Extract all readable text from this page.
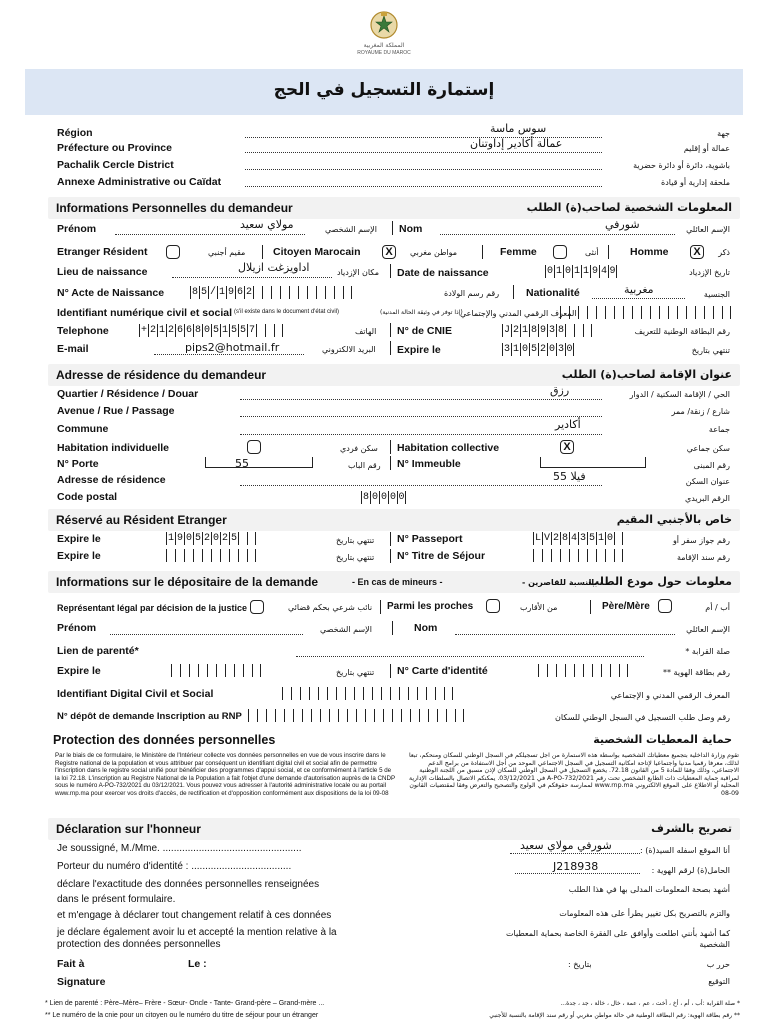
المملكة المغربية
ROYAUME DU MAROC
إستمارة التسجيل في الحج
Région	سوس ماسة	جهة
Préfecture ou Province	عمالة أكادير إداوتنان	عمالة أو إقليم
Pachalik Cercle District	باشوية، دائرة أو دائرة حضرية
Annexe Administrative ou Caïdat	ملحقة إدارية أو قيادة
Informations Personnelles du demandeur	المعلومات الشخصية لصاحب(ة) الطلب
Prénom	مولاي سعيد	الإسم الشخصي Nom	شورفي	الإسم العائلي
Etranger Résident	مقيم أجنبي	Citoyen Marocain	X	مواطن مغربي	Femme	أنثى	Homme	X	ذكر
Lieu de naissance	اداويزغت ازيلال	مكان الإزدياد Date de naissance	0 1 0 1 1 9 4 9	تاريخ الإزدياد
N° Acte de Naissance	8 5 / 1 9 6 2	رقم رسم الولادة	Nationalité	مغربية	الجنسية
Identifiant numérique civil et social (s'il existe dans le document d'état civil)	(إذا توفر في وثيقة الحالة المدنية)
المعرف الرقمي المدني والإجتماعي
Telephone	+ 2 1 2 6 6 8 0 5 1 5 5 7	الهاتف N° de CNIE	J 2 1 8 9 3 8	رقم البطاقة الوطنية للتعريف
E-mail	pips2@hotmail.fr	البريد الالكتروني Expire le	3 1 0 5 2 0 3 0	تنتهي بتاريخ
Adresse de résidence du demandeur	عنوان الإقامة لصاحب(ة) الطلب
Quartier / Résidence / Douar	رزق	الحي / الإقامة السكنية / الدوار
Avenue / Rue / Passage	شارع / زنقة/ ممر
Commune	أكادير	جماعة
Habitation individuelle	سكن فردي Habitation collective	X	سكن جماعي
N° Porte	55	رقم الباب N° Immeuble	رقم المبنى
Adresse de résidence	فيلا 55	عنوان السكن
Code postal	8 0 0 0 0	الرقم البريدي
Réservé au Résident Etranger	خاص بالأجنبي المقيم
Expire le	1 9 0 5 2 0 2 5	تنتهي بتاريخ N° Passeport	L V 2 8 4 3 5 1 0	رقم جواز سفر أو
Expire le	تنتهي بتاريخ N° Titre de Séjour	رقم سند الإقامة
Informations sur le dépositaire de la demande	- En cas de mineurs -	- بالنسبة للقاصرين -
معلومات حول مودع الطلب
Représentant légal par décision de la justice	نائب شرعي بحكم قضائي Parmi les proches	من الأقارب	Père/Mère	أب / أم
Prénom	الإسم الشخصي	Nom	الإسم العائلي
Lien de parenté*	صلة القرابة *
Expire le	تنتهي بتاريخ N° Carte d'identité	رقم بطاقة الهوية **
Identifiant Digital Civil et Social	المعرف الرقمي المدني و الإجتماعي
N° dépôt de demande Inscription au RNP	رقم وصل طلب التسجيل في السجل الوطني للسكان
Protection des données personnelles	حماية المعطيات الشخصية
Par le biais de ce formulaire, le Ministère de l'Intérieur collecte vos données personnelles en vue de vous inscrire dans le Registre national de la population et vous attribuer par conséquent un identifiant digital civil et social afin de permettre l'inscription dans le registre social unifié pour bénéficier des programmes d'appui social, et ce conformément à l'article 5 de la loi 72.18. L'inscription au Registre National de la Population a fait l'objet d'une demande d'autorisation auprès de la CNDP sous le numéro A-PO-732/2021 du 03/12/2021. Vous pouvez vous adresser à l'autorité administrative locale ou au portail www.rnp.ma pour exercer vos droits d'accès, de rectification et d'opposition conformément aux dispositions de la loi 09-08
تقوم وزارة الداخلية بتجميع معطياتك الشخصية بواسطة هذه الاستمارة من اجل تسجيلكم في السجل الوطني للسكان ومنحكم، تبعا لذلك، معرفا رقميا مدنيا واجتماعيا لإتاحة امكانية التسجيل في السجل الاجتماعي الموحد من أجل الاستفادة من برامج الدعم الاجتماعي، وذلك وفقا للمادة 5 من القانون 72.18. يخضع التسجيل في السجل الوطني للسكان لإذن مسبق من اللجنة الوطنية لمراقبة حماية المعطيات ذات الطابع الشخصي تحت رقم A-PO-732/2021 في 03/12/2021. يمكنكم الاتصال بالسلطات الإدارية المحلية أو الاطلاع على الموقع الالكتروني www.rnp.ma لممارسة حقوقكم في الولوج والتصحيح والتعرض وفقا لمقتضيات القانون 09-08
Déclaration sur l'honneur	تصريح بالشرف
Je soussigné, M./Mme. ..................................................	شورفي مولاي سعيد	أنا الموقع اسفله السيد(ة) :
Porteur du numéro d'identité : ....................................	J218938	الحامل(ة) لرقم الهوية :
déclare l'exactitude des données personnelles renseignées
dans le présent formulaire.
أشهد بصحة المعلومات المدلى بها في هذا الطلب
et m'engage à déclarer tout changement relatif à ces données	والتزم بالتصريح بكل تغيير يطرأ على هذه المعلومات
je déclare également avoir lu et accepté la mention relative à la
protection des données personnelles
كما أشهد بأنني اطلعت وأوافق على الفقرة الخاصة بحماية المعطيات
الشخصية
Fait à	Le :	بتاريخ :	حرر ب
Signature	التوقيع
* Lien de parenté : Père–Mère– Frère - Sœur- Oncle - Tante- Grand-père – Grand-mère ...	* صلة القرابة :أب ، أم ، أخ ، أخت ، عم ، عمة ، خال ، خالة ، جد ، جدة...
** Le numéro de la cnie pour un citoyen ou le numéro du titre de séjour pour un étranger	** رقم بطاقة الهوية: رقم البطاقة الوطنية في حالة مواطن مغربي أو رقم سند الإقامة بالنسبة للأجنبي
